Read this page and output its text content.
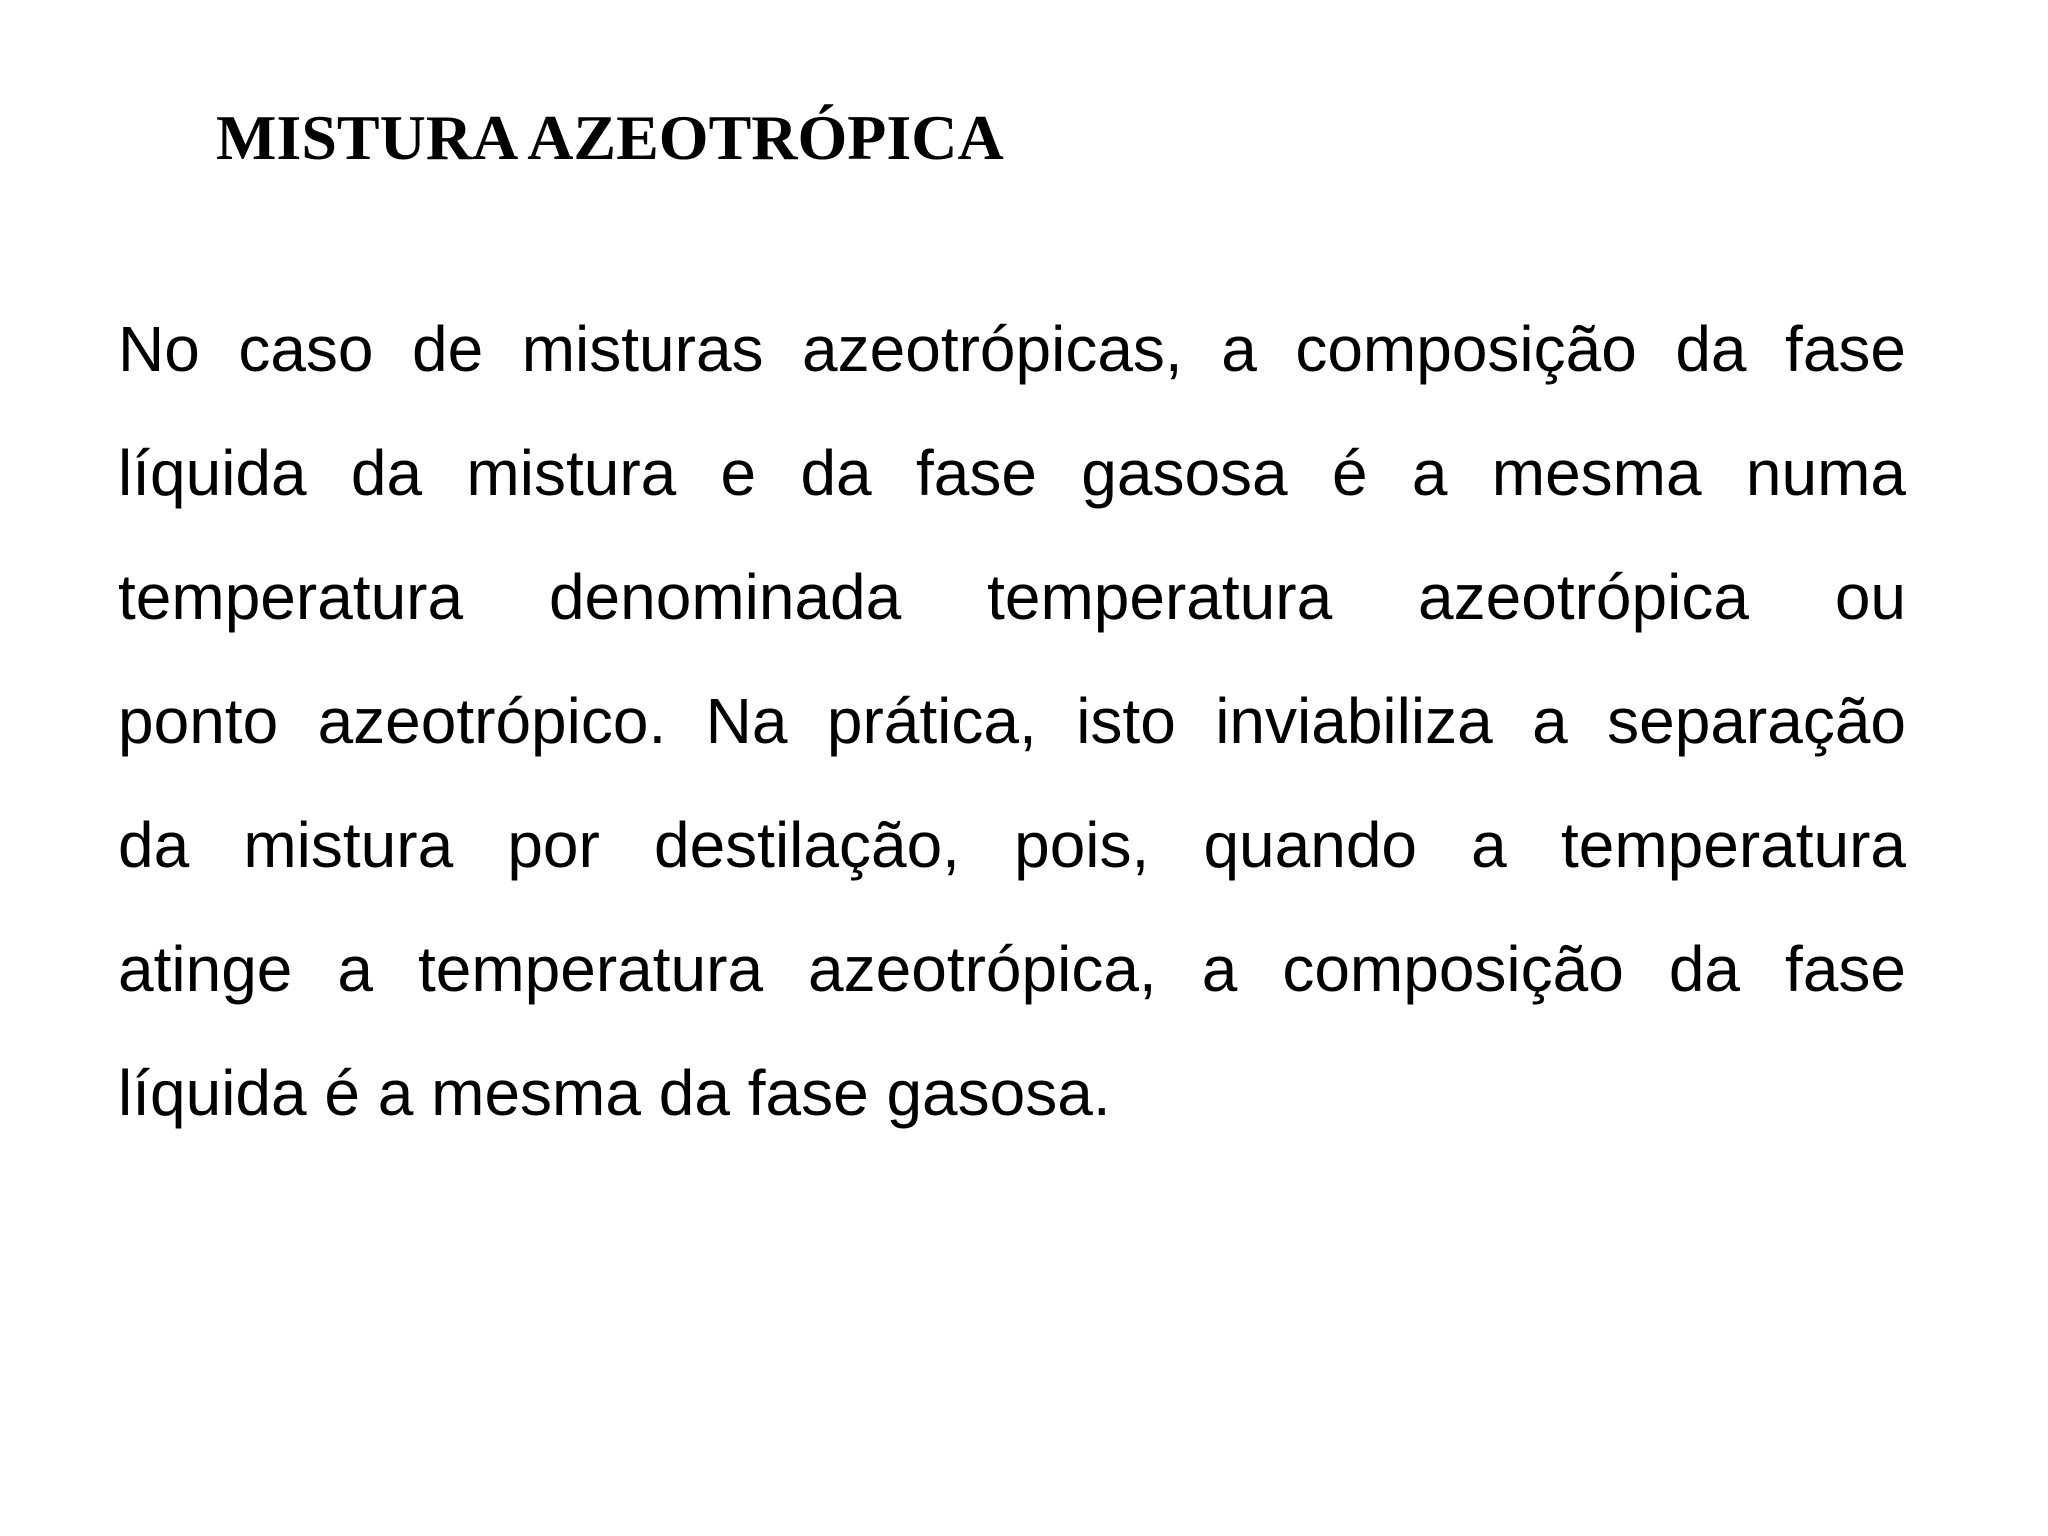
MISTURA AZEOTRÓPICA
No caso de misturas azeotrópicas, a composição da fase
líquida da mistura e da fase gasosa é a mesma numa
temperatura denominada temperatura azeotrópica ou
ponto azeotrópico. Na prática, isto inviabiliza a separação
da mistura por destilação, pois, quando a temperatura
atinge a temperatura azeotrópica, a composição da fase
líquida é a mesma da fase gasosa.
